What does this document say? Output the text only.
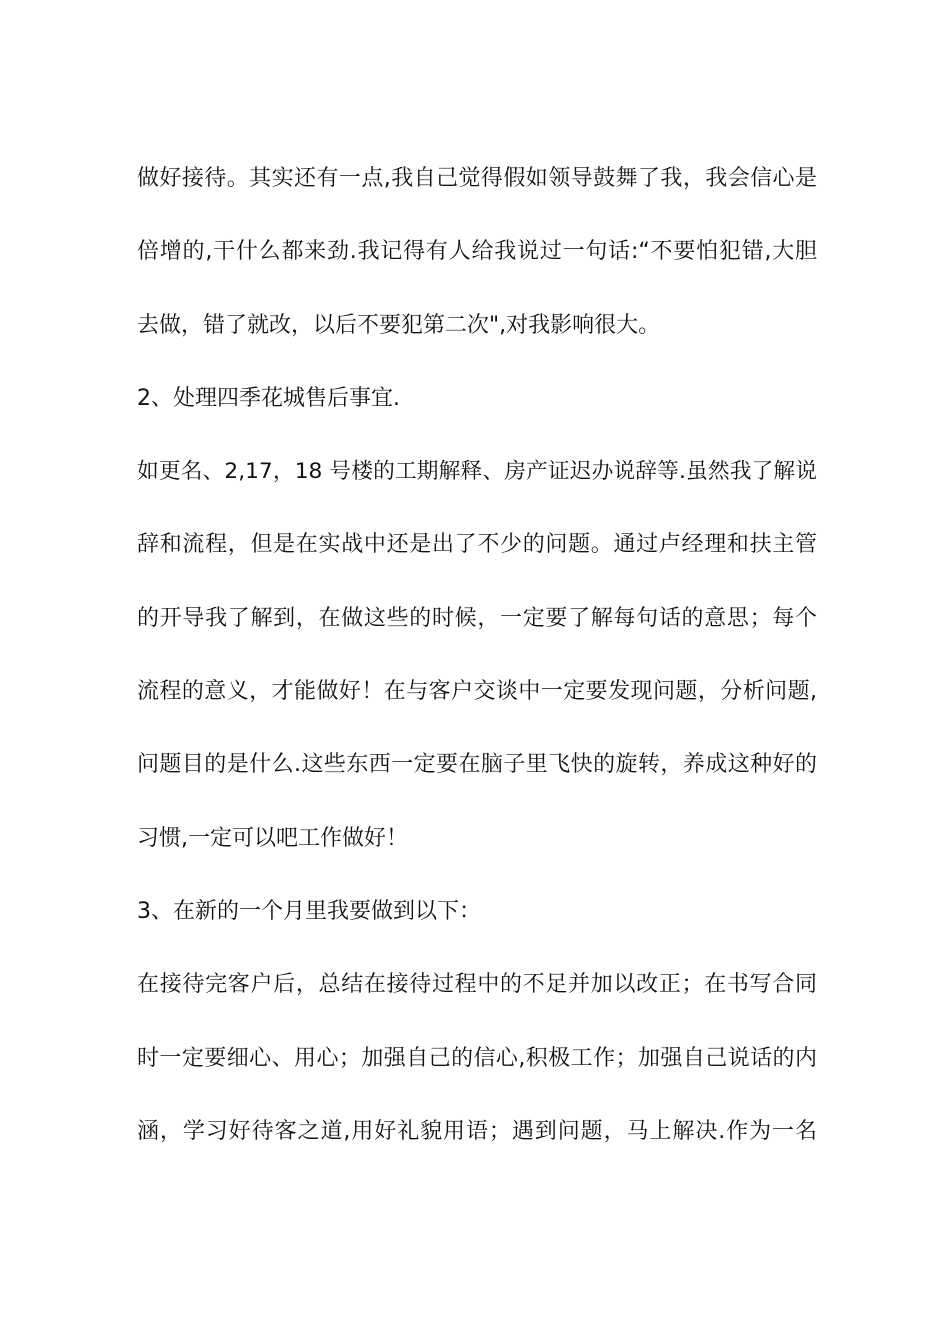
做好接待。其实还有一点,我自己觉得假如领导鼓舞了我，我会信心是
倍增的,干什么都来劲.我记得有人给我说过一句话:“不要怕犯错,大胆
去做，错了就改，以后不要犯第二次",对我影响很大。
2、处理四季花城售后事宜.
如更名、2,17，18 号楼的工期解释、房产证迟办说辞等.虽然我了解说
辞和流程，但是在实战中还是出了不少的问题。通过卢经理和扶主管
的开导我了解到，在做这些的时候，一定要了解每句话的意思；每个
流程的意义，才能做好！在与客户交谈中一定要发现问题，分析问题,
问题目的是什么.这些东西一定要在脑子里飞快的旋转，养成这种好的
习惯,一定可以吧工作做好！
3、在新的一个月里我要做到以下：
在接待完客户后，总结在接待过程中的不足并加以改正；在书写合同
时一定要细心、用心；加强自己的信心,积极工作；加强自己说话的内
涵，学习好待客之道,用好礼貌用语；遇到问题，马上解决.作为一名
